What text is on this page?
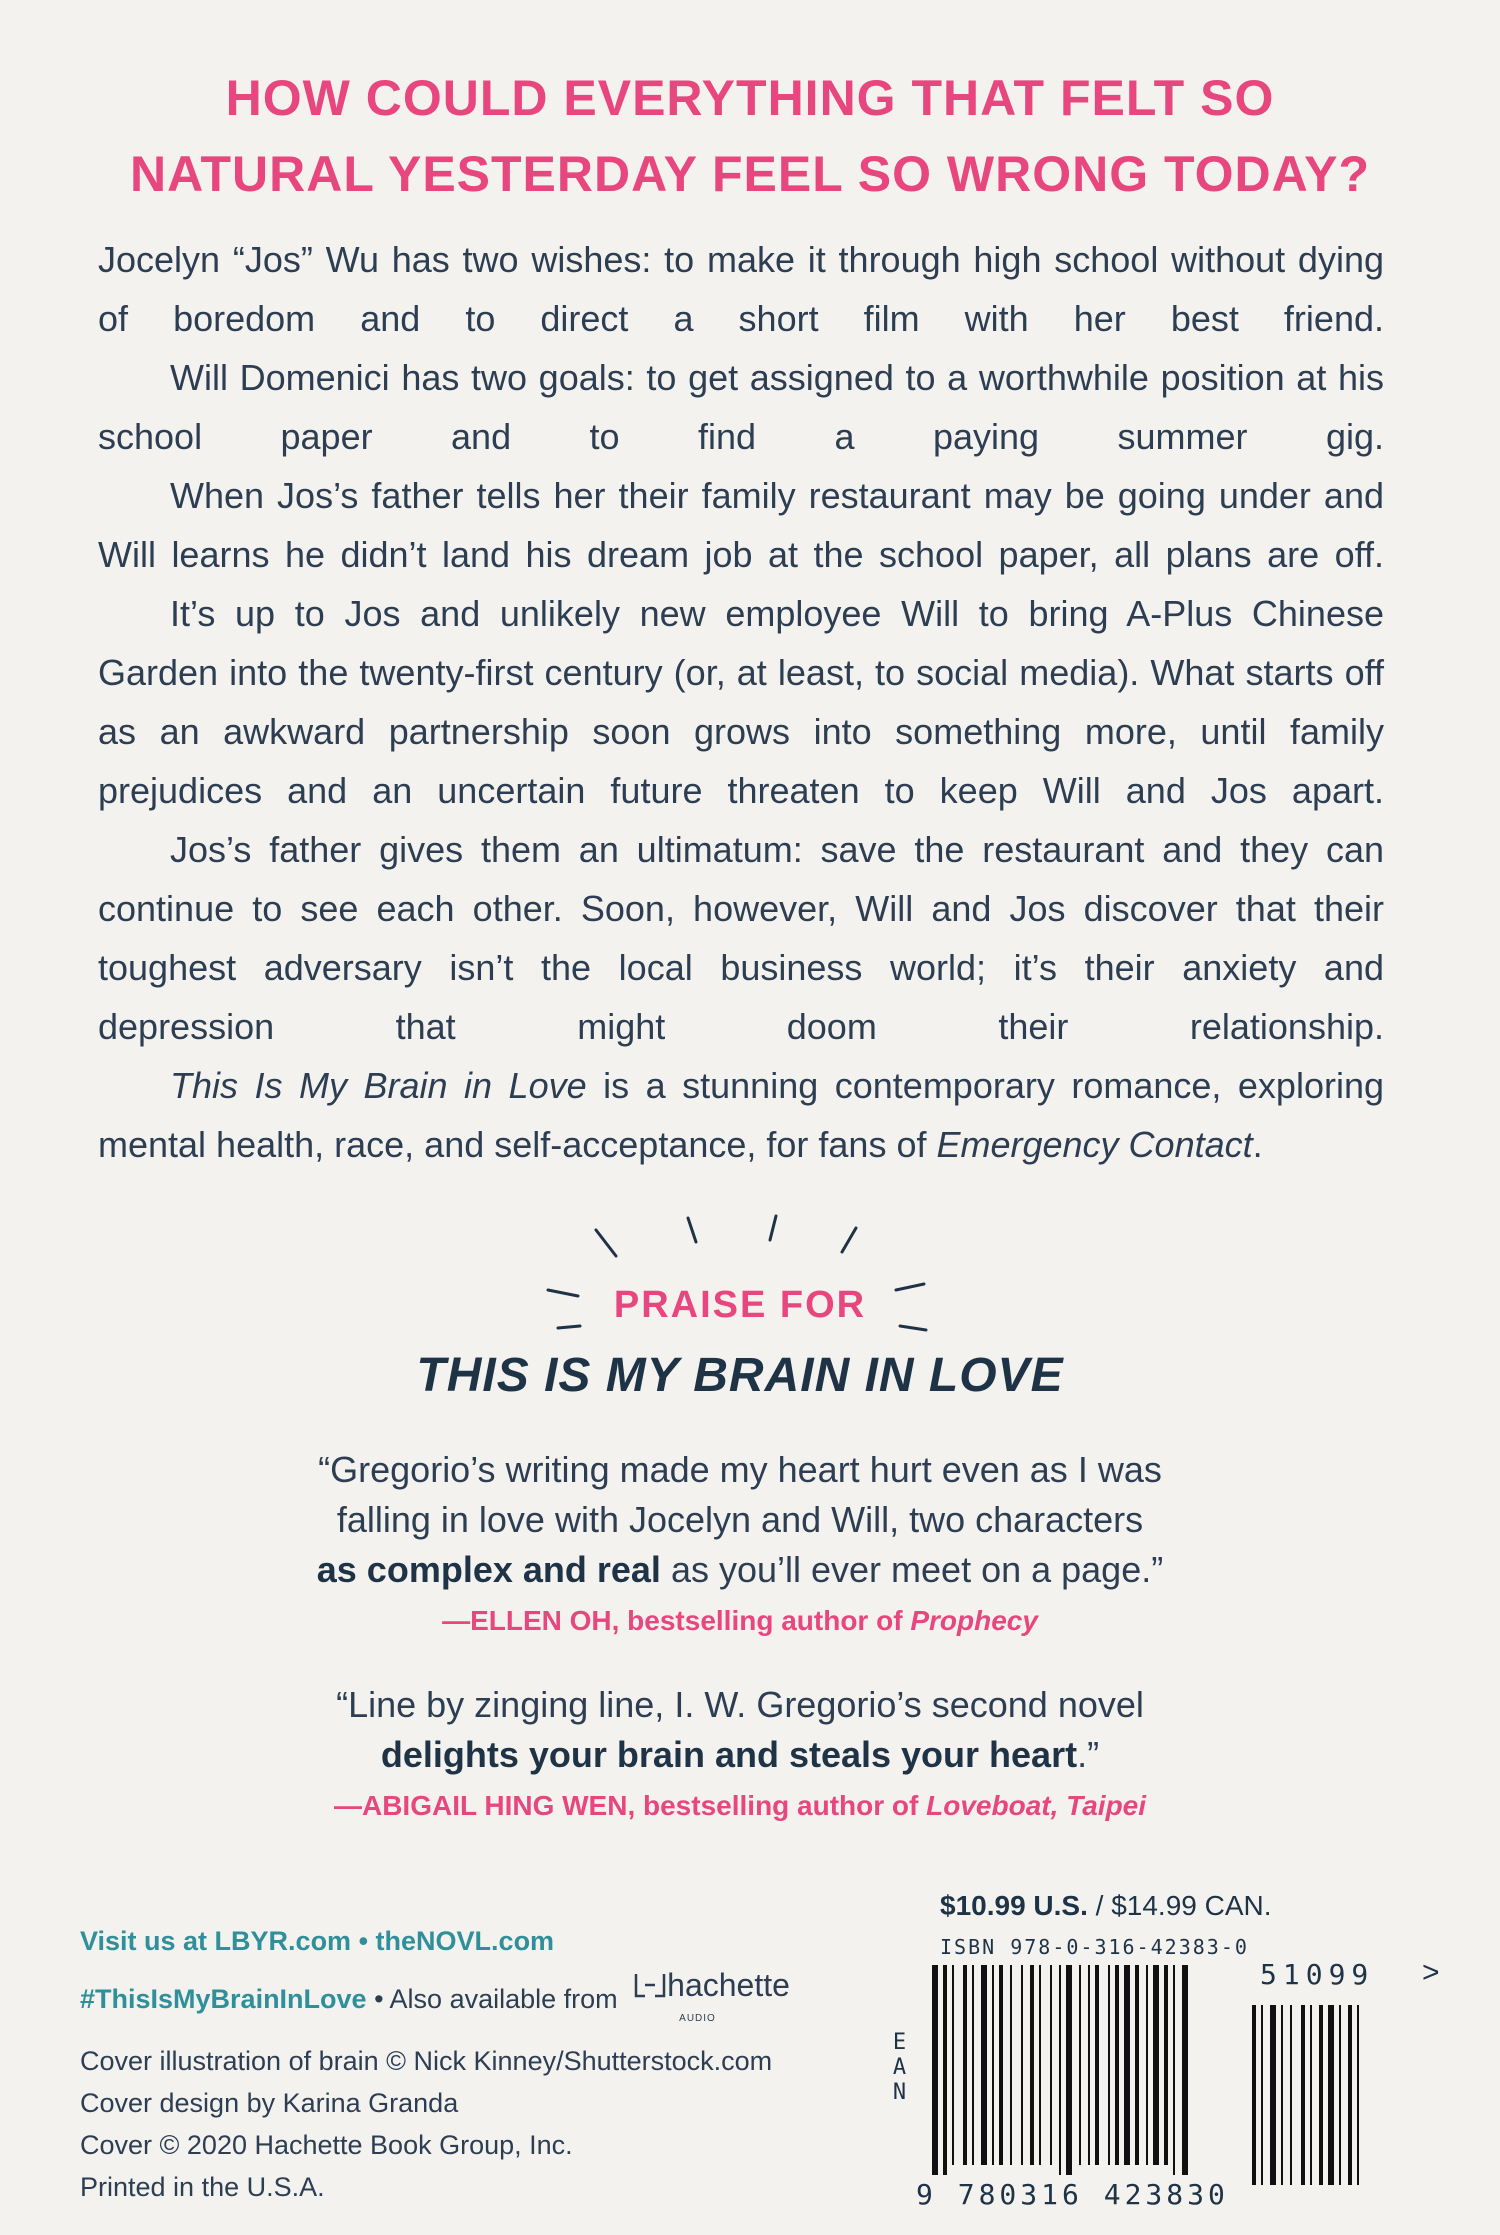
HOW COULD EVERYTHING THAT FELT SO
NATURAL YESTERDAY FEEL SO WRONG TODAY?

Jocelyn “Jos” Wu has two wishes: to make it through high school without dying of boredom and to direct a short film with her best friend.

Will Domenici has two goals: to get assigned to a worthwhile position at his school paper and to find a paying summer gig.

When Jos’s father tells her their family restaurant may be going under and Will learns he didn’t land his dream job at the school paper, all plans are off.

It’s up to Jos and unlikely new employee Will to bring A-Plus Chinese Garden into the twenty-first century (or, at least, to social media). What starts off as an awkward partnership soon grows into something more, until family prejudices and an uncertain future threaten to keep Will and Jos apart.

Jos’s father gives them an ultimatum: save the restaurant and they can continue to see each other. Soon, however, Will and Jos discover that their toughest adversary isn’t the local business world; it’s their anxiety and depression that might doom their relationship.

This Is My Brain in Love is a stunning contemporary romance, exploring mental health, race, and self-acceptance, for fans of Emergency Contact.

PRAISE FOR
THIS IS MY BRAIN IN LOVE
“Gregorio’s writing made my heart hurt even as I was
falling in love with Jocelyn and Will, two characters
as complex and real as you’ll ever meet on a page.”
—ELLEN OH, bestselling author of Prophecy
“Line by zinging line, I. W. Gregorio’s second novel
delights your brain and steals your heart.”
—ABIGAIL HING WEN, bestselling author of Loveboat, Taipei
Visit us at LBYR.com • theNOVL.com
#ThisIsMyBrainInLove • Also available from hachette
AUDIO
Cover illustration of brain © Nick Kinney/Shutterstock.com
Cover design by Karina Granda
Cover © 2020 Hachette Book Group, Inc.
Printed in the U.S.A.
$10.99 U.S. / $14.99 CAN.
ISBN 978-0-316-42383-0
EAN
51099 >
9 780316 423830
